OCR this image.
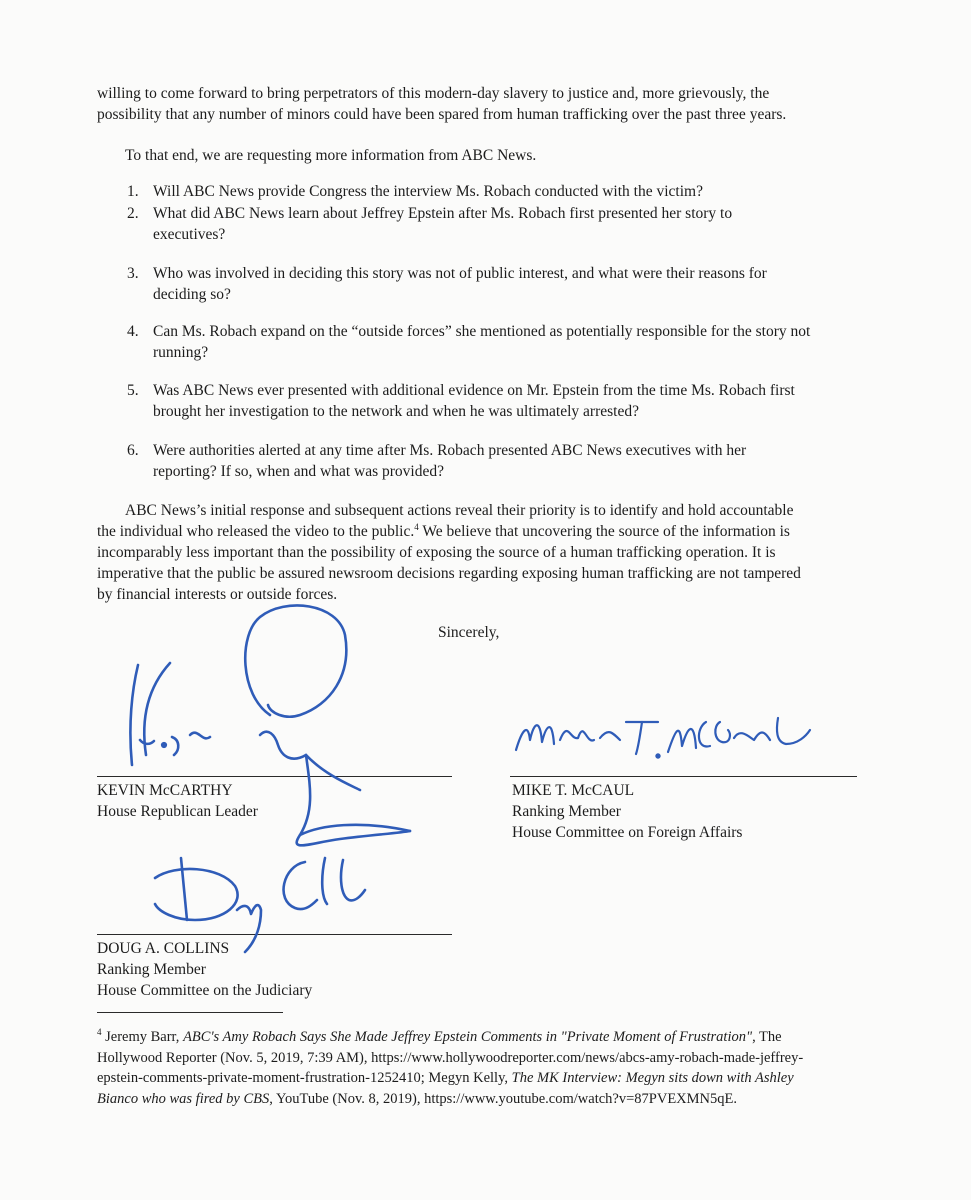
willing to come forward to bring perpetrators of this modern-day slavery to justice and, more grievously, the
possibility that any number of minors could have been spared from human trafficking over the past three years.
To that end, we are requesting more information from ABC News.
1. Will ABC News provide Congress the interview Ms. Robach conducted with the victim?
2. What did ABC News learn about Jeffrey Epstein after Ms. Robach first presented her story to
executives?
3. Who was involved in deciding this story was not of public interest, and what were their reasons for
deciding so?
4. Can Ms. Robach expand on the “outside forces” she mentioned as potentially responsible for the story not
running?
5. Was ABC News ever presented with additional evidence on Mr. Epstein from the time Ms. Robach first
brought her investigation to the network and when he was ultimately arrested?
6. Were authorities alerted at any time after Ms. Robach presented ABC News executives with her
reporting? If so, when and what was provided?
ABC News’s initial response and subsequent actions reveal their priority is to identify and hold accountable
the individual who released the video to the public.$^4$ We believe that uncovering the source of the information is
incomparably less important than the possibility of exposing the source of a human trafficking operation. It is
imperative that the public be assured newsroom decisions regarding exposing human trafficking are not tampered
by financial interests or outside forces.
Sincerely,
KEVIN McCARTHY
House Republican Leader
MIKE T. McCAUL
Ranking Member
House Committee on Foreign Affairs
DOUG A. COLLINS
Ranking Member
House Committee on the Judiciary
$^4$ Jeremy Barr, ABC's Amy Robach Says She Made Jeffrey Epstein Comments in "Private Moment of Frustration", The
Hollywood Reporter (Nov. 5, 2019, 7:39 AM), https://www.hollywoodreporter.com/news/abcs-amy-robach-made-jeffrey-
epstein-comments-private-moment-frustration-1252410; Megyn Kelly, The MK Interview: Megyn sits down with Ashley
Bianco who was fired by CBS, YouTube (Nov. 8, 2019), https://www.youtube.com/watch?v=87PVEXMN5qE.
